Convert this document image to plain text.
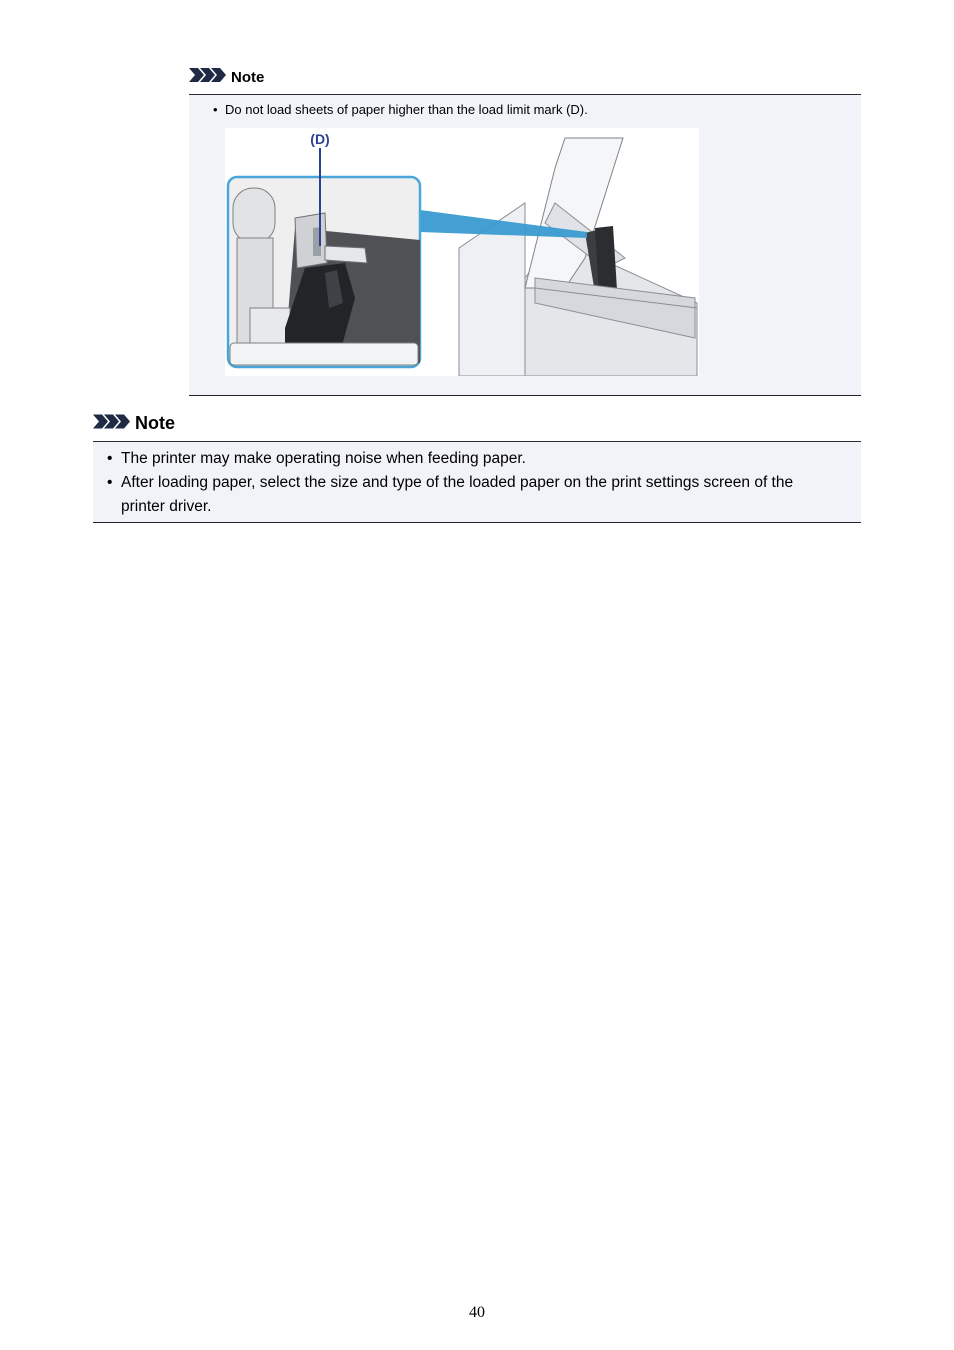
Note
• Do not load sheets of paper higher than the load limit mark (D).
(D)
Note
• The printer may make operating noise when feeding paper.
• After loading paper, select the size and type of the loaded paper on the print settings screen of the printer driver.
40
